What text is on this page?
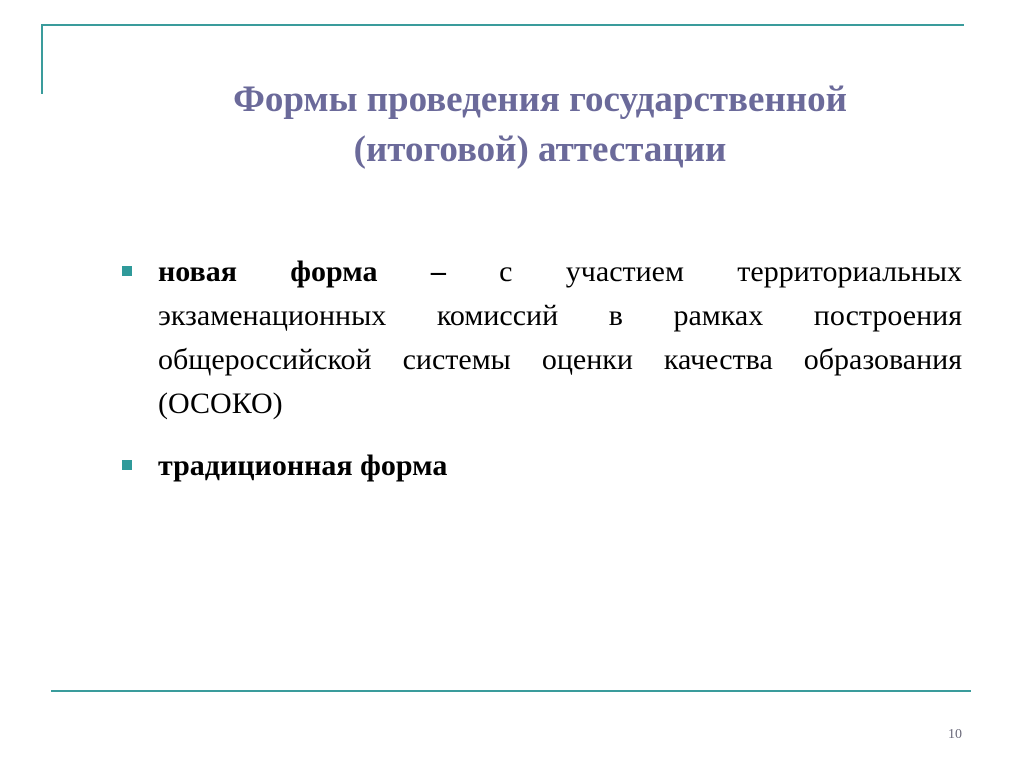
Формы проведения государственной
(итоговой) аттестации
новая форма – с участием территориальных экзаменационных комиссий в рамках построения общероссийской системы оценки качества образования (ОСОКО)
традиционная форма
10
